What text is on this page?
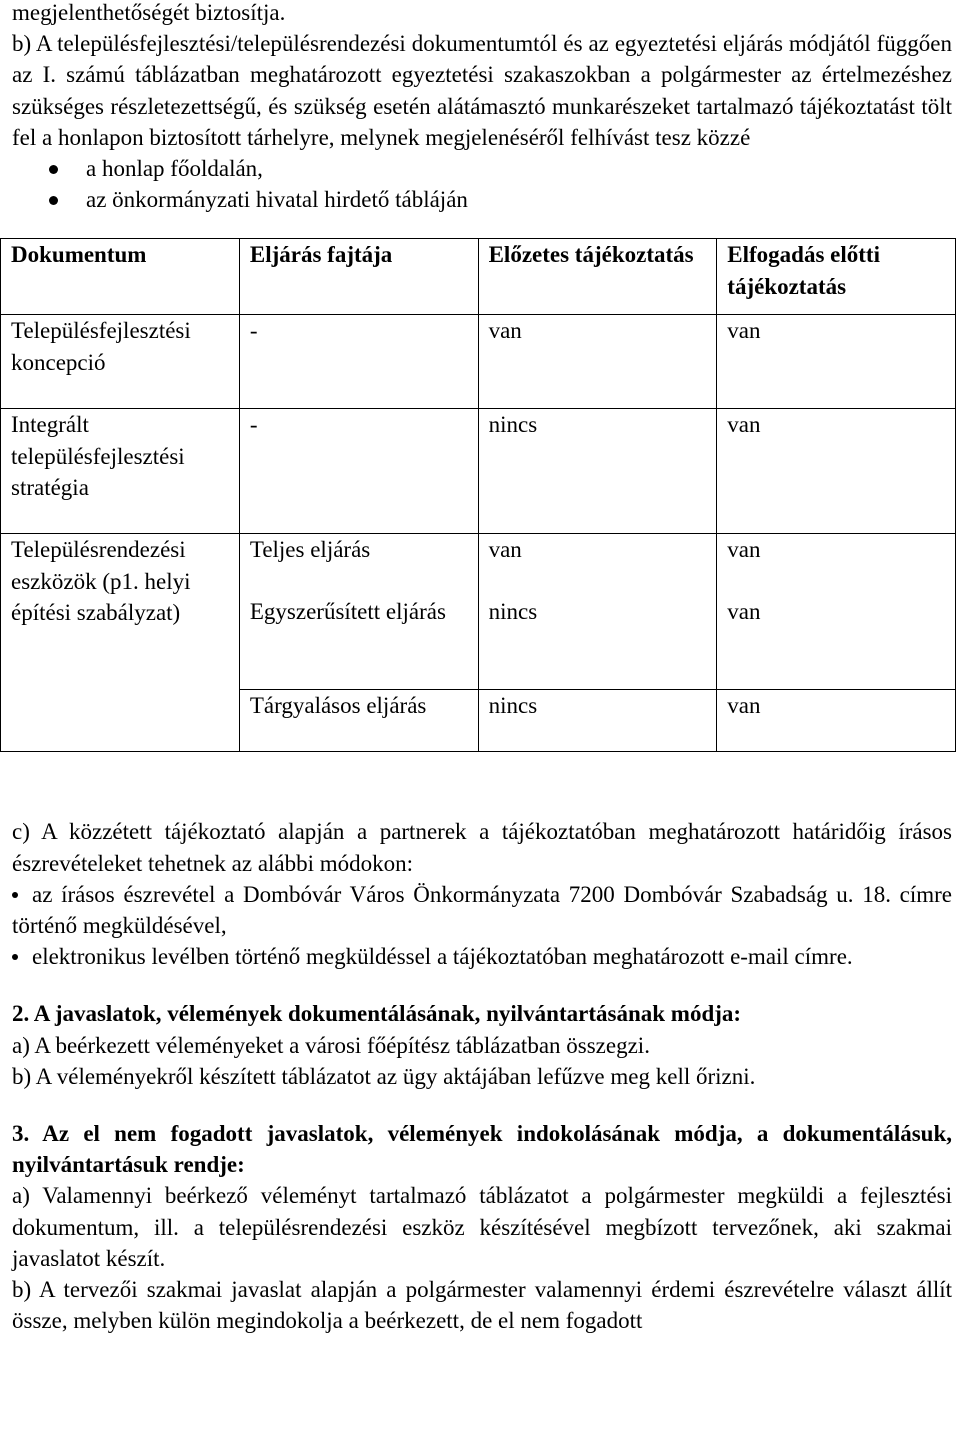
megjelenthetőségét biztosítja.

b) A településfejlesztési/településrendezési dokumentumtól és az egyeztetési eljárás módjától függően az I. számú táblázatban meghatározott egyeztetési szakaszokban a polgármester az értelmezéshez szükséges részletezettségű, és szükség esetén alátámasztó munkarészeket tartalmazó tájékoztatást tölt fel a honlapon biztosított tárhelyre, melynek megjelenéséről felhívást tesz közzé

a honlap főoldalán,
az önkormányzati hivatal hirdető tábláján
Dokumentum	Eljárás fajtája	Előzetes tájékoztatás	Elfogadás előtti tájékoztatás
Településfejlesztési koncepció	-	van	van
Integrált településfejlesztési stratégia	-	nincs	van
Településrendezési eszközök (p1. helyi építési szabályzat)	Teljes eljárás	van	van
	Egyszerűsített eljárás	nincs	van
	Tárgyalásos eljárás	nincs	van

c) A közzétett tájékoztató alapján a partnerek a tájékoztatóban meghatározott határidőig írásos észrevételeket tehetnek az alábbi módokon:

az írásos észrevétel a Dombóvár Város Önkormányzata 7200 Dombóvár Szabadság u. 18. címre történő megküldésével,
elektronikus levélben történő megküldéssel a tájékoztatóban meghatározott e-mail címre.

2. A javaslatok, vélemények dokumentálásának, nyilvántartásának módja:

a) A beérkezett véleményeket a városi főépítész táblázatban összegzi.

b) A véleményekről készített táblázatot az ügy aktájában lefűzve meg kell őrizni.

3. Az el nem fogadott javaslatok, vélemények indokolásának módja, a dokumentálásuk, nyilvántartásuk rendje:

a) Valamennyi beérkező véleményt tartalmazó táblázatot a polgármester megküldi a fejlesztési dokumentum, ill. a településrendezési eszköz készítésével megbízott tervezőnek, aki szakmai javaslatot készít.

b) A tervezői szakmai javaslat alapján a polgármester valamennyi érdemi észrevételre választ állít össze, melyben külön megindokolja a beérkezett, de el nem fogadott
